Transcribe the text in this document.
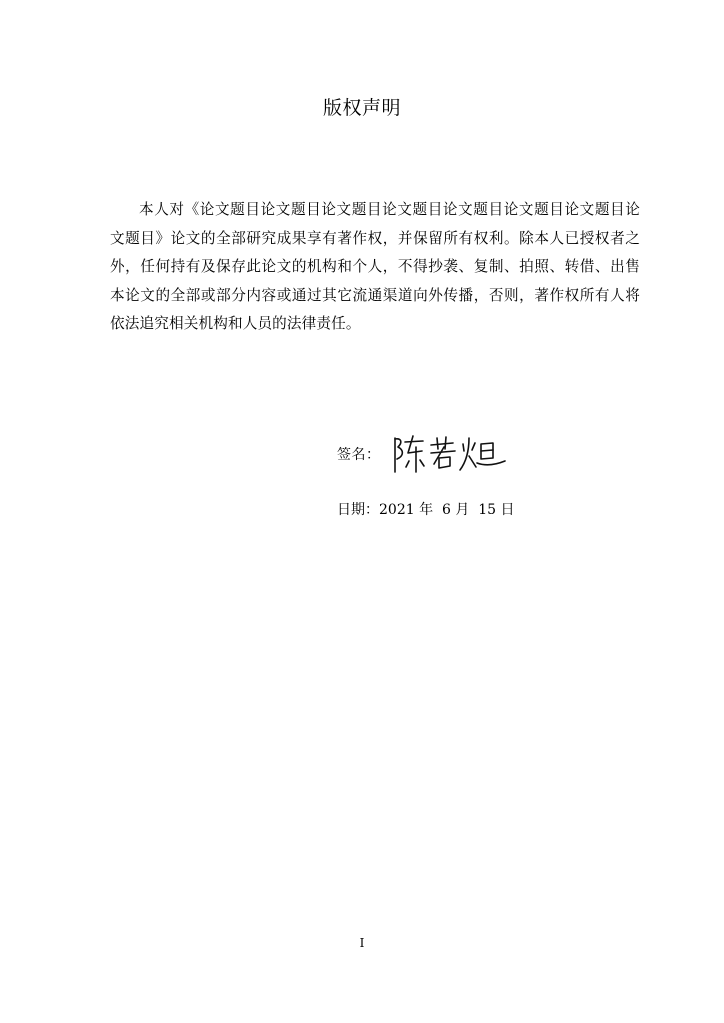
版权声明
本人对《论文题目论文题目论文题目论文题目论文题目论文题目论文题目论文题目》论文的全部研究成果享有著作权，并保留所有权利。除本人已授权者之外，任何持有及保存此论文的机构和个人，不得抄袭、复制、拍照、转借、出售本论文的全部或部分内容或通过其它流通渠道向外传播，否则，著作权所有人将依法追究相关机构和人员的法律责任。
签名：
日期：2021 年  6 月  15 日
I
